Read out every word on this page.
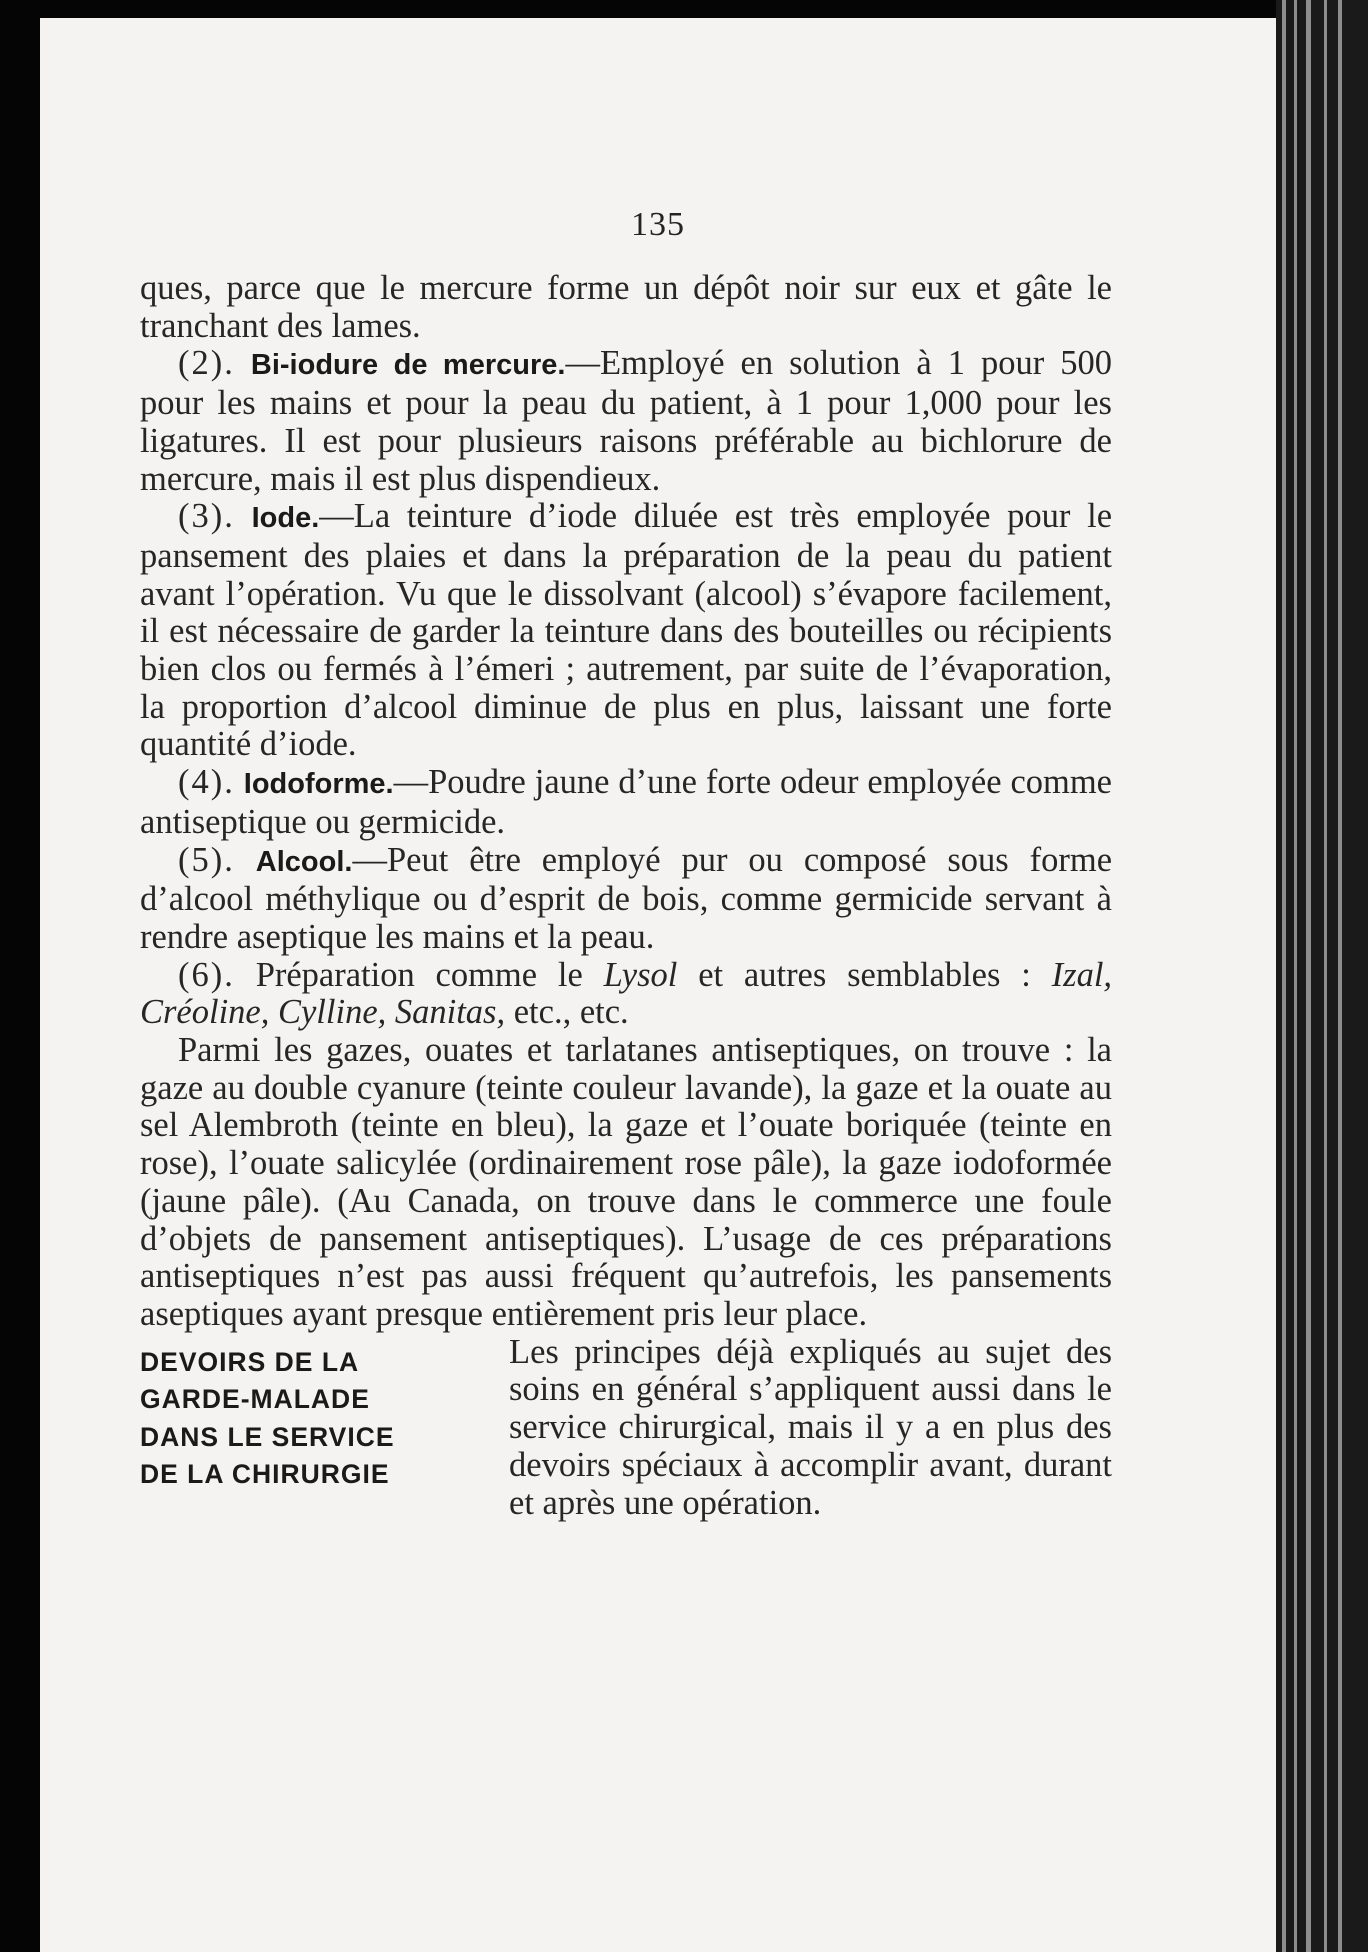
135

ques, parce que le mercure forme un dépôt noir sur eux et gâte le tranchant des lames.

(2). Bi-iodure de mercure.—Employé en solution à 1 pour 500 pour les mains et pour la peau du patient, à 1 pour 1,000 pour les ligatures. Il est pour plusieurs raisons préférable au bichlorure de mercure, mais il est plus dispendieux.

(3). Iode.—La teinture d’iode diluée est très employée pour le pansement des plaies et dans la préparation de la peau du patient avant l’opération. Vu que le dissolvant (alcool) s’évapore facilement, il est nécessaire de garder la teinture dans des bouteilles ou récipients bien clos ou fermés à l’émeri ; autrement, par suite de l’évaporation, la proportion d’alcool diminue de plus en plus, laissant une forte quantité d’iode.

(4). Iodoforme.—Poudre jaune d’une forte odeur employée comme antiseptique ou germicide.

(5). Alcool.—Peut être employé pur ou composé sous forme d’alcool méthylique ou d’esprit de bois, comme germicide servant à rendre aseptique les mains et la peau.

(6). Préparation comme le Lysol et autres semblables : Izal, Créoline, Cylline, Sanitas, etc., etc.

Parmi les gazes, ouates et tarlatanes antiseptiques, on trouve : la gaze au double cyanure (teinte couleur lavande), la gaze et la ouate au sel Alembroth (teinte en bleu), la gaze et l’ouate boriquée (teinte en rose), l’ouate salicylée (ordinairement rose pâle), la gaze iodoformée (jaune pâle). (Au Canada, on trouve dans le commerce une foule d’objets de pansement antiseptiques). L’usage de ces préparations antiseptiques n’est pas aussi fréquent qu’autrefois, les pansements aseptiques ayant presque entièrement pris leur place.

DEVOIRS DE LA
GARDE-MALADE
DANS LE SERVICE
DE LA CHIRURGIE

Les principes déjà expliqués au sujet des soins en général s’appliquent aussi dans le service chirurgical, mais il y a en plus des devoirs spéciaux à accomplir avant, durant et après une opération.
